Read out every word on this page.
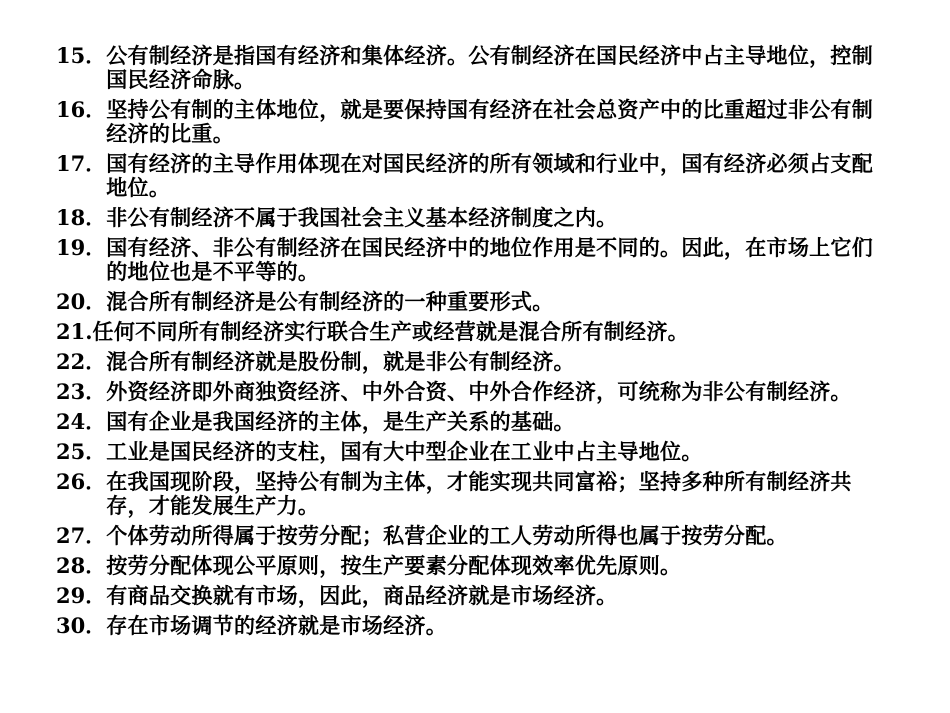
15． 公有制经济是指国有经济和集体经济。公有制经济在国民经济中占主导地位，控制国民经济命脉。
16． 坚持公有制的主体地位，就是要保持国有经济在社会总资产中的比重超过非公有制经济的比重。
17． 国有经济的主导作用体现在对国民经济的所有领域和行业中，国有经济必须占支配地位。
18． 非公有制经济不属于我国社会主义基本经济制度之内。
19． 国有经济、非公有制经济在国民经济中的地位作用是不同的。因此，在市场上它们的地位也是不平等的。
20． 混合所有制经济是公有制经济的一种重要形式。
21. 任何不同所有制经济实行联合生产或经营就是混合所有制经济。
22． 混合所有制经济就是股份制，就是非公有制经济。
23． 外资经济即外商独资经济、中外合资、中外合作经济，可统称为非公有制经济。
24． 国有企业是我国经济的主体，是生产关系的基础。
25． 工业是国民经济的支柱，国有大中型企业在工业中占主导地位。
26． 在我国现阶段，坚持公有制为主体，才能实现共同富裕；坚持多种所有制经济共存，才能发展生产力。
27． 个体劳动所得属于按劳分配；私营企业的工人劳动所得也属于按劳分配。
28． 按劳分配体现公平原则，按生产要素分配体现效率优先原则。
29． 有商品交换就有市场，因此，商品经济就是市场经济。
30． 存在市场调节的经济就是市场经济。
